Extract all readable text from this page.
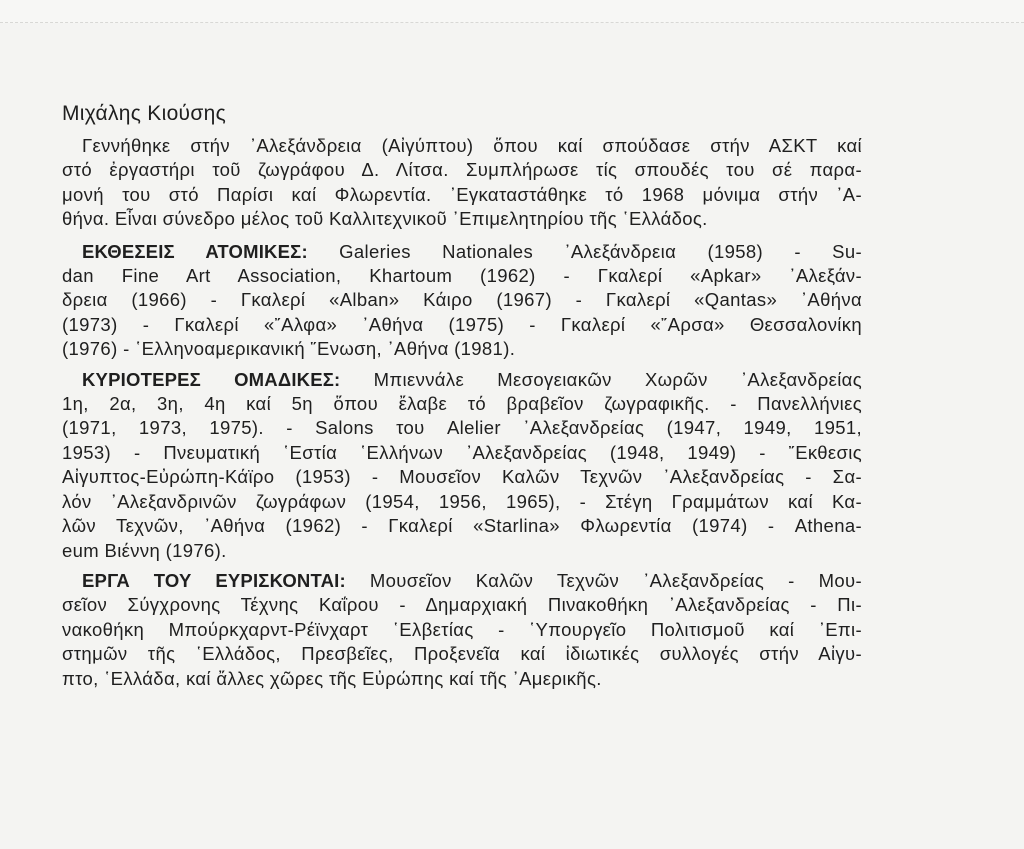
Μιχάλης Κιούσης
Γεννήθηκε στήν ᾿Αλεξάνδρεια (Αἰγύπτου) ὅπου καί σπούδασε στήν ΑΣΚΤ καί
στό ἐργαστήρι τοῦ ζωγράφου Δ. Λίτσα. Συμπλήρωσε τίς σπουδές του σέ παρα-
μονή του στό Παρίσι καί Φλωρεντία. ᾿Εγκαταστάθηκε τό 1968 μόνιμα στήν ᾿Α-
θήνα. Εἶναι σύνεδρο μέλος τοῦ Καλλιτεχνικοῦ ᾿Επιμελητηρίου τῆς ῾Ελλάδος.
ΕΚΘΕΣΕΙΣ ΑΤΟΜΙΚΕΣ: Galeries Nationales ᾿Αλεξάνδρεια (1958) - Su-
dan Fine Art Association, Khartoum (1962) - Γκαλερί «Apkar» ᾿Αλεξάν-
δρεια (1966) - Γκαλερί «Alban» Κάιρο (1967) - Γκαλερί «Qantas» ᾿Αθήνα
(1973) - Γκαλερί «῎Αλφα» ᾿Αθήνα (1975) - Γκαλερί «῎Αρσα» Θεσσαλονίκη
(1976) - ῾Ελληνοαμερικανική ῞Ενωση, ᾿Αθήνα (1981).
ΚΥΡΙΟΤΕΡΕΣ ΟΜΑΔΙΚΕΣ: Μπιεννάλε Μεσογειακῶν Χωρῶν ᾿Αλεξανδρείας
1η, 2α, 3η, 4η καί 5η ὅπου ἔλαβε τό βραβεῖον ζωγραφικῆς. - Πανελλήνιες
(1971, 1973, 1975). - Salons του Alelier ᾿Αλεξανδρείας (1947, 1949, 1951,
1953) - Πνευματική ῾Εστία ῾Ελλήνων ᾿Αλεξανδρείας (1948, 1949) - ῎Εκθεσις
Αἰγυπτος-Εὐρώπη-Κάϊρο (1953) - Μουσεῖον Καλῶν Τεχνῶν ᾿Αλεξανδρείας - Σα-
λόν ᾿Αλεξανδρινῶν ζωγράφων (1954, 1956, 1965), - Στέγη Γραμμάτων καί Κα-
λῶν Τεχνῶν, ᾿Αθήνα (1962) - Γκαλερί «Starlina» Φλωρεντία (1974) - Athena-
eum Βιέννη (1976).
ΕΡΓΑ ΤΟΥ ΕΥΡΙΣΚΟΝΤΑΙ: Μουσεῖον Καλῶν Τεχνῶν ᾿Αλεξανδρείας - Μου-
σεῖον Σύγχρονης Τέχνης Καΐρου - Δημαρχιακή Πινακοθήκη ᾿Αλεξανδρείας - Πι-
νακοθήκη Μπούρκχαρντ-Ρέϊνχαρτ ῾Ελβετίας - ῾Υπουργεῖο Πολιτισμοῦ καί ᾿Επι-
στημῶν τῆς ῾Ελλάδος, Πρεσβεῖες, Προξενεῖα καί ἰδιωτικές συλλογές στήν Αἰγυ-
πτο, ῾Ελλάδα, καί ἄλλες χῶρες τῆς Εὐρώπης καί τῆς ᾿Αμερικῆς.
